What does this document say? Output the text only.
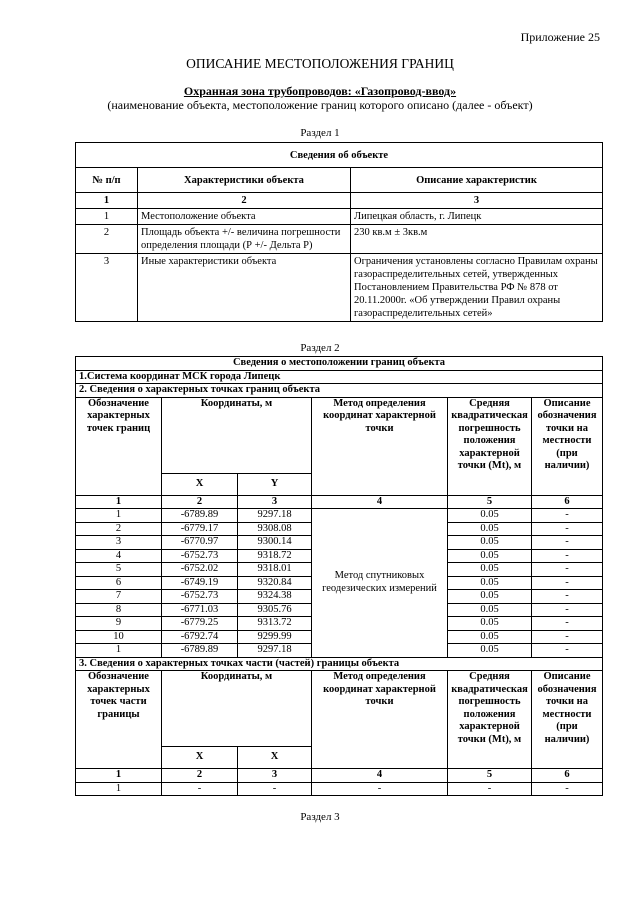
Приложение 25
ОПИСАНИЕ МЕСТОПОЛОЖЕНИЯ ГРАНИЦ
Охранная зона трубопроводов: «Газопровод-ввод»
(наименование объекта, местоположение границ которого описано (далее - объект)
Раздел 1
Сведения об объекте		
№ п/п	Характеристики объекта	Описание характеристик
1	2	3
1	Местоположение объекта	Липецкая область, г. Липецк
2	Площадь объекта +/- величина погрешности определения площади (Р +/- Дельта Р)	230 кв.м ± 3кв.м
3	Иные характеристики объекта	Ограничения установлены согласно Правилам охраны газораспределительных сетей, утвержденных Постановлением Правительства РФ № 878 от 20.11.2000г. «Об утверждении Правил охраны газораспределительных сетей»
Раздел 2
Сведения о местоположении границ объекта					
1.Система координат МСК города Липецк					
2. Сведения о характерных точках границ объекта					
Обозначение характерных точек границ	Координаты, м		Метод определения координат характерной точки	Средняя квадратическая погрешность положения характерной точки (Mt), м	Описание обозначения точки на местности (при наличии)
	X	Y			
1	2	3	4	5	6
1	-6789.89	9297.18	Метод спутниковых геодезических измерений	0.05	-
2	-6779.17	9308.08		0.05	-
3	-6770.97	9300.14		0.05	-
4	-6752.73	9318.72		0.05	-
5	-6752.02	9318.01		0.05	-
6	-6749.19	9320.84		0.05	-
7	-6752.73	9324.38		0.05	-
8	-6771.03	9305.76		0.05	-
9	-6779.25	9313.72		0.05	-
10	-6792.74	9299.99		0.05	-
1	-6789.89	9297.18		0.05	-
3. Сведения о характерных точках части (частей) границы объекта					
Обозначение характерных точек части границы	Координаты, м		Метод определения координат характерной точки	Средняя квадратическая погрешность положения характерной точки (Mt), м	Описание обозначения точки на местности (при наличии)
	X	X			
1	2	3	4	5	6
1	-	-	-	-	-
Раздел 3
